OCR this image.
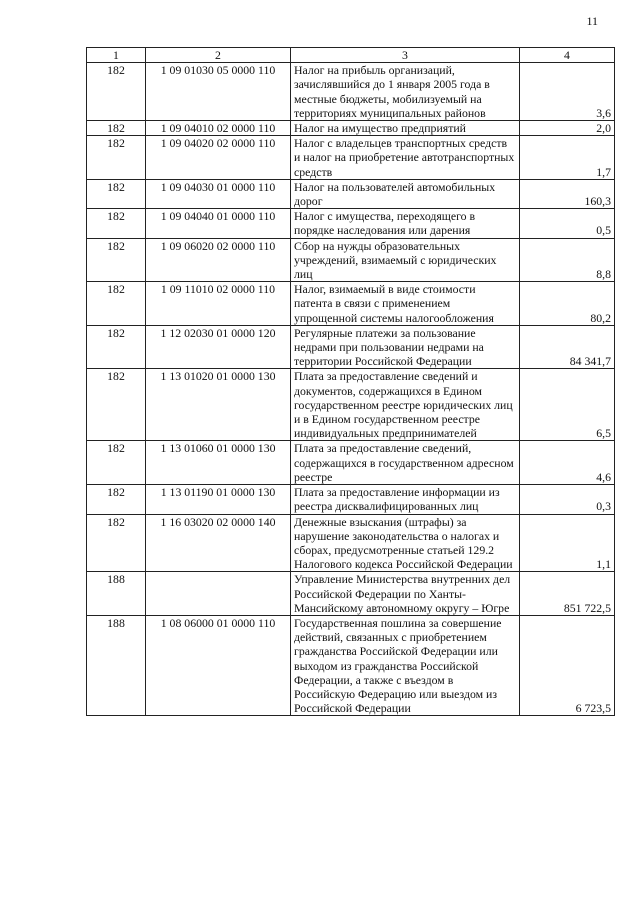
11
1	2	3	4
182	1 09 01030 05 0000 110	Налог на прибыль организаций, зачислявшийся до 1 января 2005 года в местные бюджеты, мобилизуемый на территориях муниципальных районов	3,6
182	1 09 04010 02 0000 110	Налог на имущество предприятий	2,0
182	1 09 04020 02 0000 110	Налог с владельцев транспортных средств и налог на приобретение автотранспортных средств	1,7
182	1 09 04030 01 0000 110	Налог на пользователей автомобильных дорог	160,3
182	1 09 04040 01 0000 110	Налог с имущества, переходящего в порядке наследования или дарения	0,5
182	1 09 06020 02 0000 110	Сбор на нужды образовательных учреждений, взимаемый с юридических лиц	8,8
182	1 09 11010 02 0000 110	Налог, взимаемый в виде стоимости патента в связи с применением упрощенной системы налогообложения	80,2
182	1 12 02030 01 0000 120	Регулярные платежи за пользование недрами при пользовании недрами на территории Российской Федерации	84 341,7
182	1 13 01020 01 0000 130	Плата за предоставление сведений и документов, содержащихся в Едином государственном реестре юридических лиц и в Едином государственном реестре индивидуальных предпринимателей	6,5
182	1 13 01060 01 0000 130	Плата за предоставление сведений, содержащихся в государственном адресном реестре	4,6
182	1 13 01190 01 0000 130	Плата за предоставление информации из реестра дисквалифицированных лиц	0,3
182	1 16 03020 02 0000 140	Денежные взыскания (штрафы) за нарушение законодательства о налогах и сборах, предусмотренные статьей 129.2 Налогового кодекса Российской Федерации	1,1
188		Управление Министерства внутренних дел Российской Федерации по Ханты-Мансийскому автономному округу – Югре	851 722,5
188	1 08 06000 01 0000 110	Государственная пошлина за совершение действий, связанных с приобретением гражданства Российской Федерации или выходом из гражданства Российской Федерации, а также с въездом в Российскую Федерацию или выездом из Российской Федерации	6 723,5
